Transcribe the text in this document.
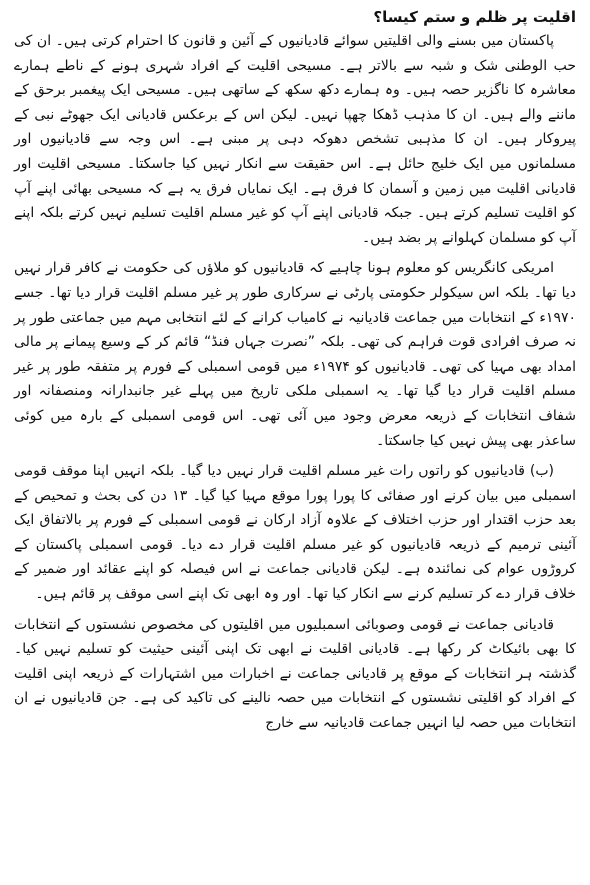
اقلیت پر ظلم و ستم کیسا؟

پاکستان میں بسنے والی اقلیتیں سوائے قادیانیوں کے آئین و قانون کا احترام کرتی ہیں۔ ان کی حب الوطنی شک و شبہ سے بالاتر ہے۔ مسیحی اقلیت کے افراد شہری ہونے کے ناطے ہمارے معاشرہ کا ناگزیر حصہ ہیں۔ وہ ہمارے دکھ سکھ کے ساتھی ہیں۔ مسیحی ایک پیغمبر برحق کے ماننے والے ہیں۔ ان کا مذہب ڈھکا چھپا نہیں۔ لیکن اس کے برعکس قادیانی ایک جھوٹے نبی کے پیروکار ہیں۔ ان کا مذہبی تشخص دھوکہ دہی پر مبنی ہے۔ اس وجہ سے قادیانیوں اور مسلمانوں میں ایک خلیج حائل ہے۔ اس حقیقت سے انکار نہیں کیا جاسکتا۔ مسیحی اقلیت اور قادیانی اقلیت میں زمین و آسمان کا فرق ہے۔ ایک نمایاں فرق یہ ہے کہ مسیحی بھائی اپنے آپ کو اقلیت تسلیم کرتے ہیں۔ جبکہ قادیانی اپنے آپ کو غیر مسلم اقلیت تسلیم نہیں کرتے بلکہ اپنے آپ کو مسلمان کہلوانے پر بضد ہیں۔

امریکی کانگریس کو معلوم ہونا چاہیے کہ قادیانیوں کو ملاؤں کی حکومت نے کافر قرار نہیں دیا تھا۔ بلکہ اس سیکولر حکومتی پارٹی نے سرکاری طور پر غیر مسلم اقلیت قرار دیا تھا۔ جسے ۱۹۷۰ء کے انتخابات میں جماعت قادیانیہ نے کامیاب کرانے کے لئے انتخابی مہم میں جماعتی طور پر نہ صرف افرادی قوت فراہم کی تھی۔ بلکہ ”نصرت جہاں فنڈ“ قائم کر کے وسیع پیمانے پر مالی امداد بھی مہیا کی تھی۔ قادیانیوں کو ۱۹۷۴ء میں قومی اسمبلی کے فورم پر متفقہ طور پر غیر مسلم اقلیت قرار دیا گیا تھا۔ یہ اسمبلی ملکی تاریخ میں پہلے غیر جانبدارانہ ومنصفانہ اور شفاف انتخابات کے ذریعہ معرض وجود میں آئی تھی۔ اس قومی اسمبلی کے بارہ میں کوئی ساعذر بھی پیش نہیں کیا جاسکتا۔

(ب) قادیانیوں کو راتوں رات غیر مسلم اقلیت قرار نہیں دیا گیا۔ بلکہ انہیں اپنا موقف قومی اسمبلی میں بیان کرنے اور صفائی کا پورا پورا موقع مہیا کیا گیا۔ ۱۳ دن کی بحث و تمحیص کے بعد حزب اقتدار اور حزب اختلاف کے علاوہ آزاد ارکان نے قومی اسمبلی کے فورم پر بالاتفاق ایک آئینی ترمیم کے ذریعہ قادیانیوں کو غیر مسلم اقلیت قرار دے دیا۔ قومی اسمبلی پاکستان کے کروڑوں عوام کی نمائندہ ہے۔ لیکن قادیانی جماعت نے اس فیصلہ کو اپنے عقائد اور ضمیر کے خلاف قرار دے کر تسلیم کرنے سے انکار کیا تھا۔ اور وہ ابھی تک اپنے اسی موقف پر قائم ہیں۔

قادیانی جماعت نے قومی وصوبائی اسمبلیوں میں اقلیتوں کی مخصوص نشستوں کے انتخابات کا بھی بائیکاٹ کر رکھا ہے۔ قادیانی اقلیت نے ابھی تک اپنی آئینی حیثیت کو تسلیم نہیں کیا۔ گذشتہ ہر انتخابات کے موقع پر قادیانی جماعت نے اخبارات میں اشتہارات کے ذریعہ اپنی اقلیت کے افراد کو اقلیتی نشستوں کے انتخابات میں حصہ نالینے کی تاکید کی ہے۔ جن قادیانیوں نے ان انتخابات میں حصہ لیا انہیں جماعت قادیانیہ سے خارج
